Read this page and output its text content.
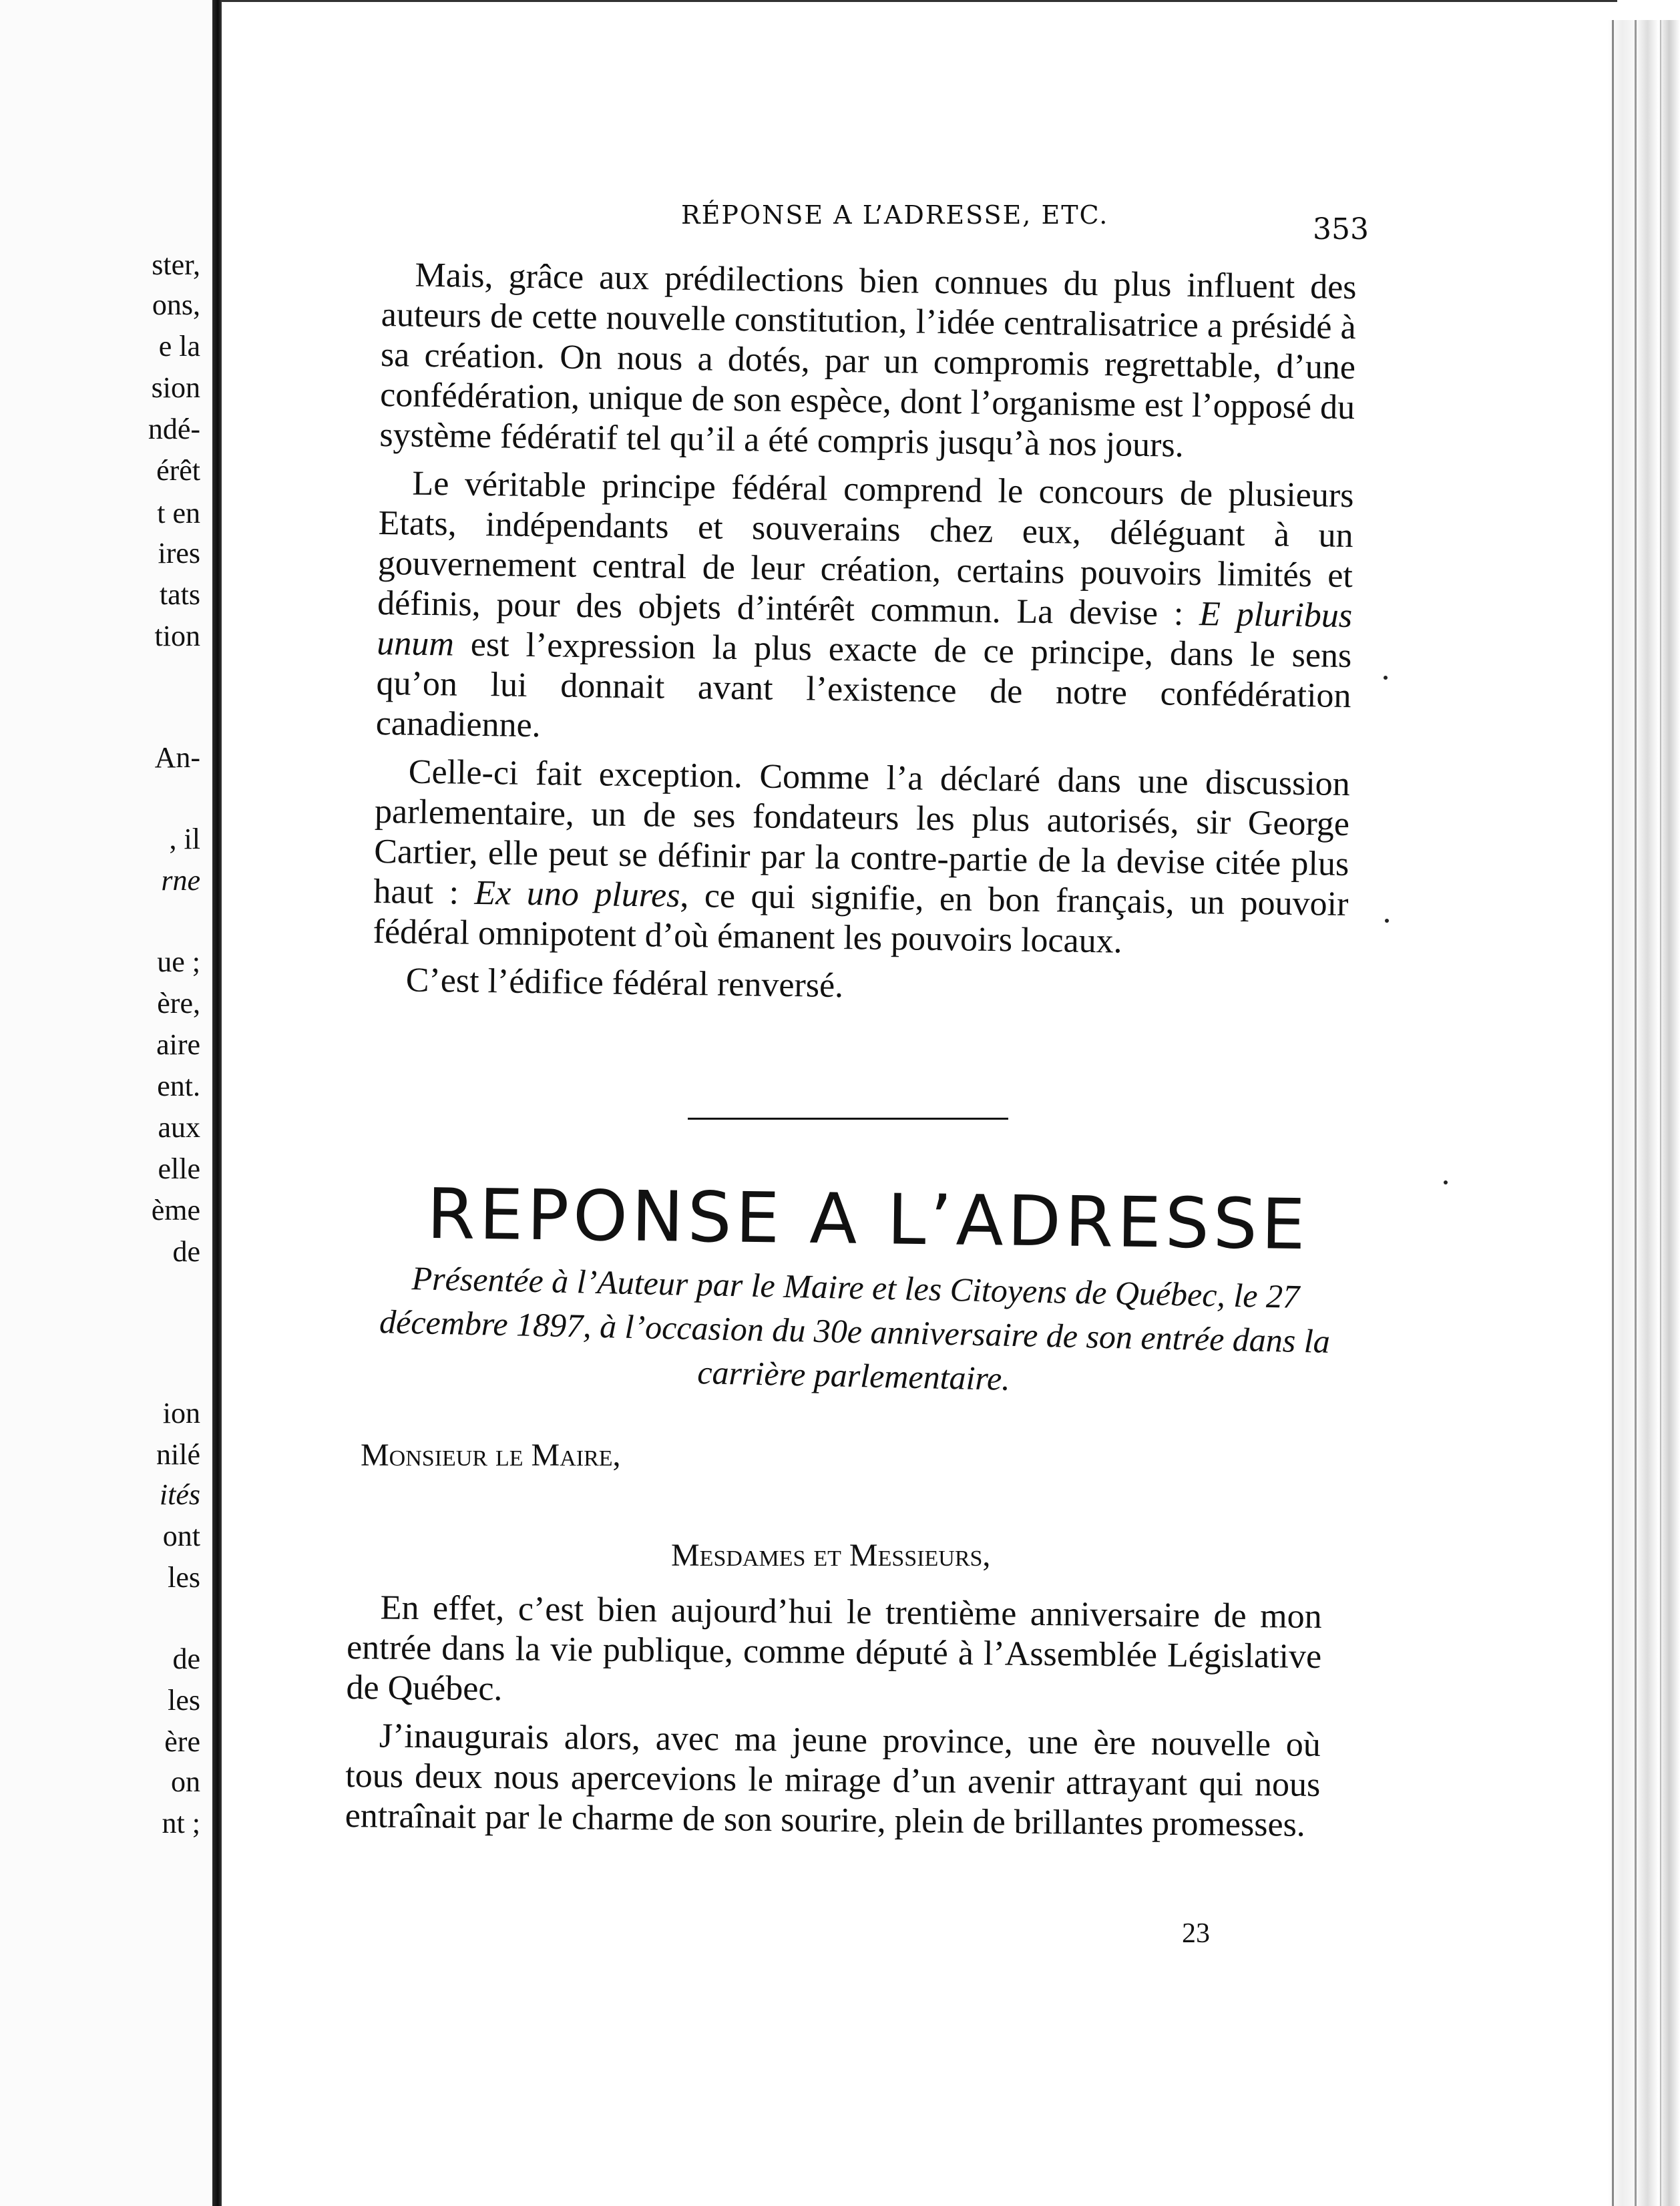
ster,
ons,
e la
sion
ndé-
érêt
t en
ires
tats
tion
An-
, il
rne
ue ;
ère,
aire
ent.
aux
elle
ème
de
ion
nilé
ités
ont
les
de
les
ère
on
nt ;
RÉPONSE A L’ADRESSE, ETC.	353

Mais, grâce aux prédilections bien connues du plus influent des auteurs de cette nouvelle constitution, l’idée centralisatrice a présidé à sa création. On nous a dotés, par un compromis regrettable, d’une confédération, unique de son espèce, dont l’organisme est l’opposé du système fédératif tel qu’il a été compris jusqu’à nos jours.

Le véritable principe fédéral comprend le concours de plusieurs Etats, indépendants et souverains chez eux, déléguant à un gouvernement central de leur création, certains pouvoirs limités et définis, pour des objets d’intérêt commun. La devise : E pluribus unum est l’expression la plus exacte de ce principe, dans le sens qu’on lui donnait avant l’existence de notre confédération canadienne.

Celle-ci fait exception. Comme l’a déclaré dans une discussion parlementaire, un de ses fondateurs les plus autorisés, sir George Cartier, elle peut se définir par la contre-partie de la devise citée plus haut : Ex uno plures, ce qui signifie, en bon français, un pouvoir fédéral omnipotent d’où émanent les pouvoirs locaux.

C’est l’édifice fédéral renversé.

REPONSE A L’ADRESSE
Présentée à l’Auteur par le Maire et les Citoyens de Québec, le 27 décembre 1897, à l’occasion du 30e anniversaire de son entrée dans la carrière parlementaire.
Monsieur le Maire,
Mesdames et Messieurs,

En effet, c’est bien aujourd’hui le trentième anniversaire de mon entrée dans la vie publique, comme député à l’Assemblée Législative de Québec.

J’inaugurais alors, avec ma jeune province, une ère nouvelle où tous deux nous apercevions le mirage d’un avenir attrayant qui nous entraînait par le charme de son sourire, plein de brillantes promesses.

23
